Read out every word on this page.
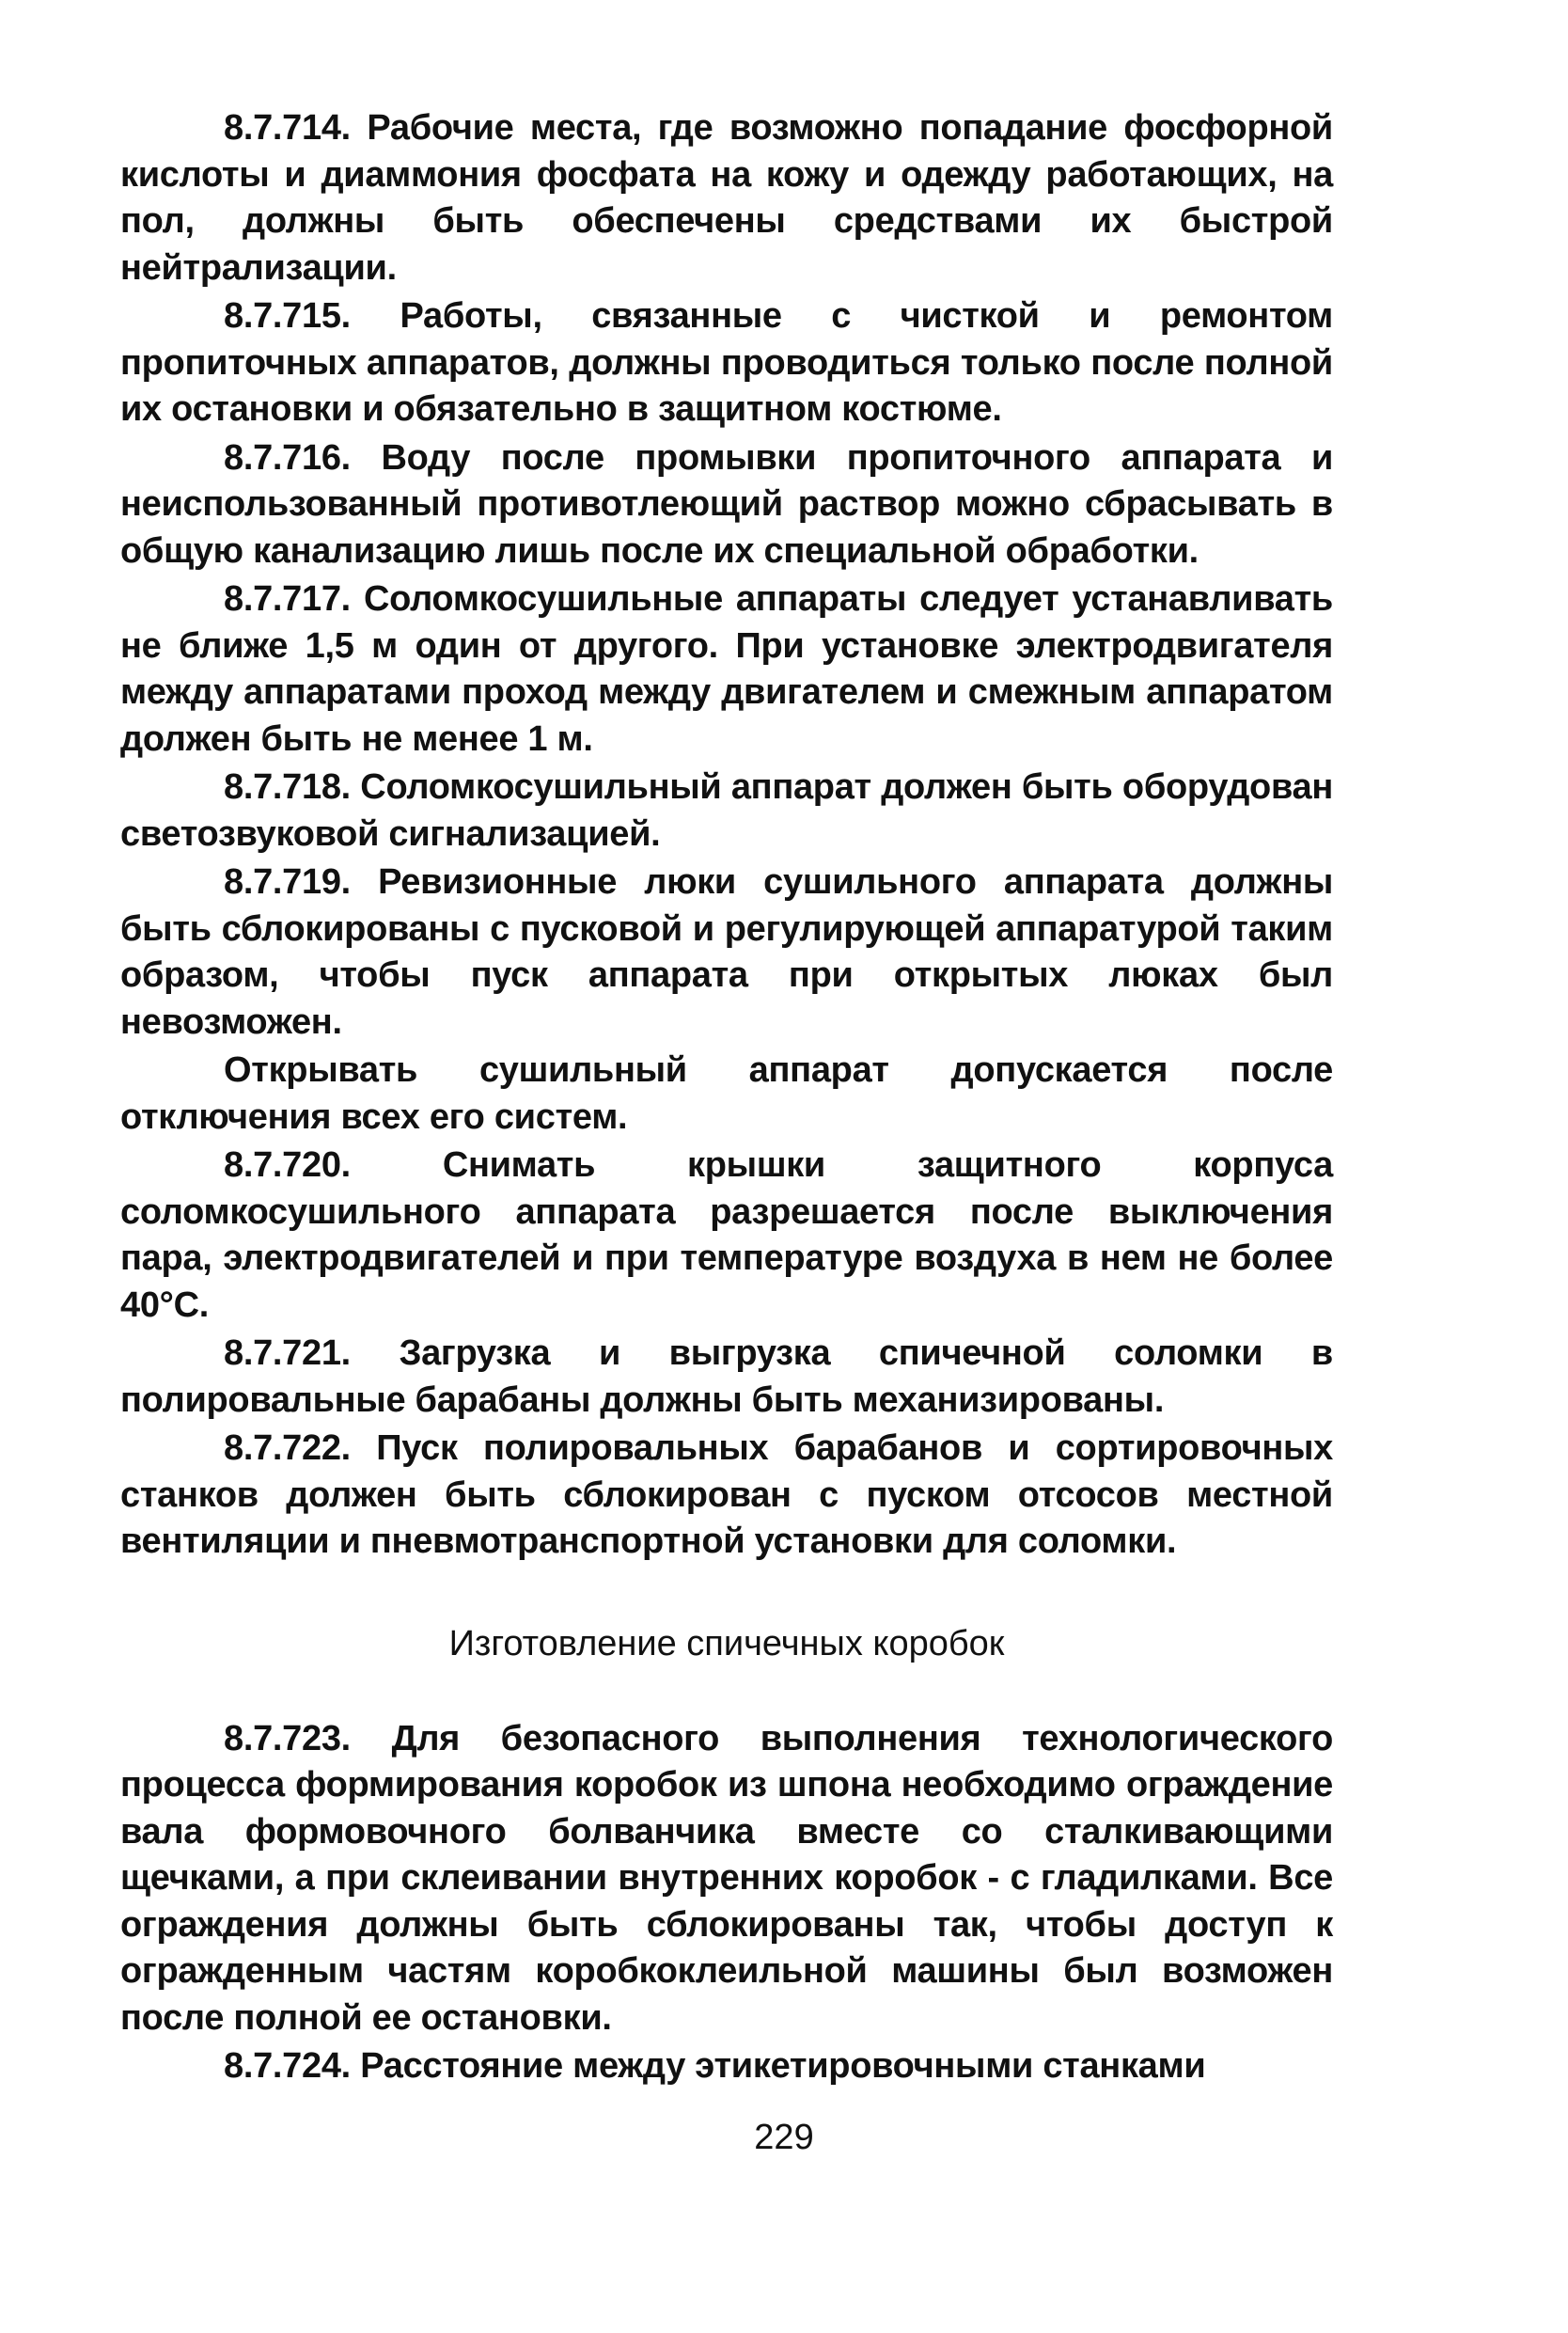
8.7.714. Рабочие места, где возможно попадание фосфорной кислоты и диаммония фосфата на кожу и одежду работающих, на пол, должны быть обеспечены средствами их быстрой нейтрализации.

8.7.715. Работы, связанные с чисткой и ремонтом пропиточных аппаратов, должны проводиться только после полной их остановки и обязательно в защитном костюме.

8.7.716. Воду после промывки пропиточного аппарата и неиспользованный противотлеющий раствор можно сбрасывать в общую канализацию лишь после их специальной обработки.

8.7.717. Соломкосушильные аппараты следует устанавливать не ближе 1,5 м один от другого. При установке электродвигателя между аппаратами проход между двигателем и смежным аппаратом должен быть не менее 1 м.

8.7.718. Соломкосушильный аппарат должен быть оборудован светозвуковой сигнализацией.

8.7.719. Ревизионные люки сушильного аппарата должны быть сблокированы с пусковой и регулирующей аппаратурой таким образом, чтобы пуск аппарата при открытых люках был невозможен.

Открывать сушильный аппарат допускается после отключения всех его систем.

8.7.720. Снимать крышки защитного корпуса соломкосушильного аппарата разрешается после выключения пара, электродвигателей и при температуре воздуха в нем не более 40°С.

8.7.721. Загрузка и выгрузка спичечной соломки в полировальные барабаны должны быть механизированы.

8.7.722. Пуск полировальных барабанов и сортировочных станков должен быть сблокирован с пуском отсосов местной вентиляции и пневмотранспортной установки для соломки.

Изготовление спичечных коробок

8.7.723. Для безопасного выполнения технологического процесса формирования коробок из шпона необходимо ограждение вала формовочного болванчика вместе со сталкивающими щечками, а при склеивании внутренних коробок - с гладилками. Все ограждения должны быть сблокированы так, чтобы доступ к огражденным частям коробкоклеильной машины был возможен после полной ее остановки.

8.7.724. Расстояние между этикетировочными станками

229
